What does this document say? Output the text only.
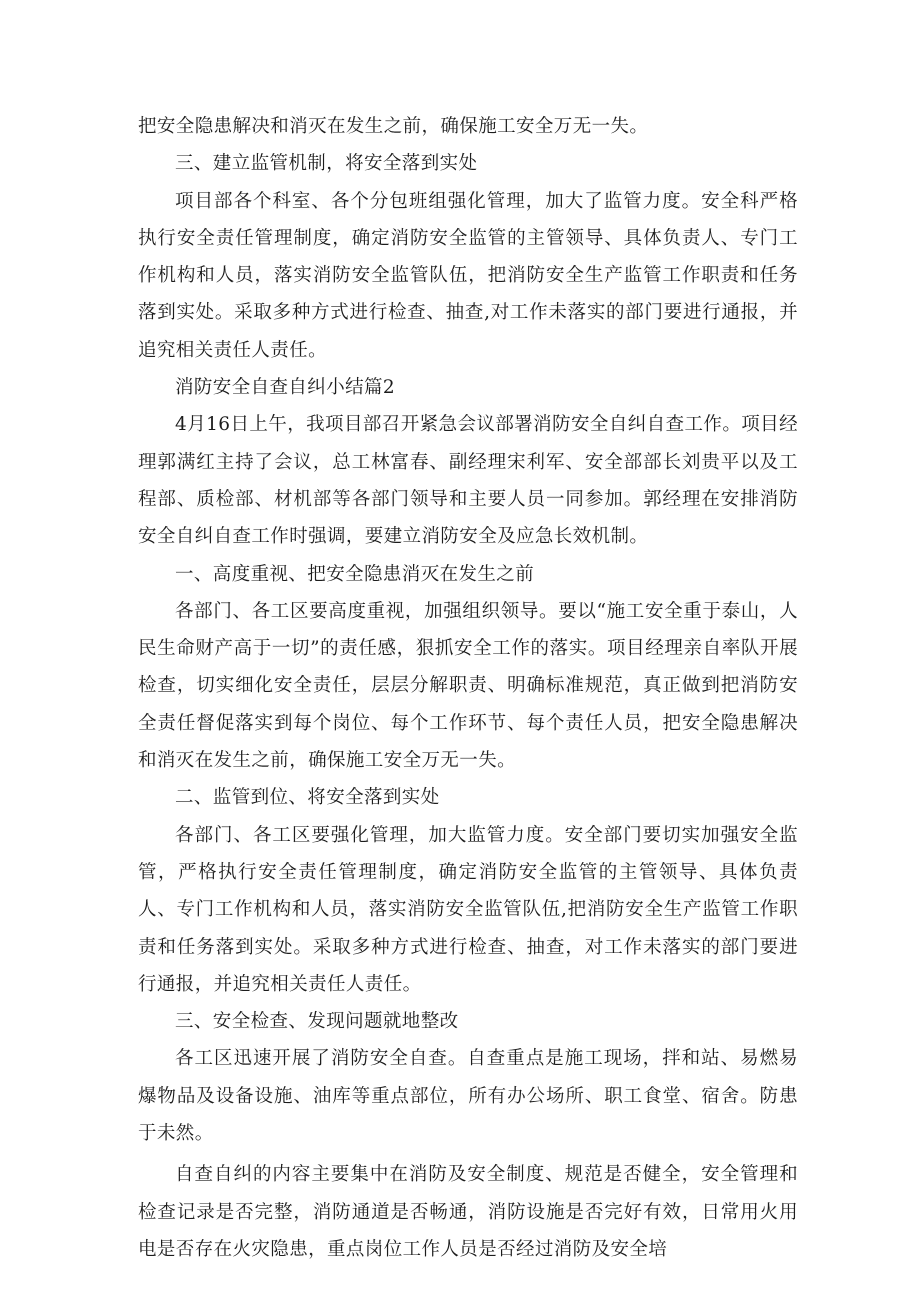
把安全隐患解决和消灭在发生之前，确保施工安全万无一失。

三、建立监管机制，将安全落到实处

项目部各个科室、各个分包班组强化管理，加大了监管力度。安全科严格执行安全责任管理制度，确定消防安全监管的主管领导、具体负责人、专门工作机构和人员，落实消防安全监管队伍，把消防安全生产监管工作职责和任务落到实处。采取多种方式进行检查、抽查,对工作未落实的部门要进行通报，并追究相关责任人责任。

消防安全自查自纠小结篇2

4月16日上午，我项目部召开紧急会议部署消防安全自纠自查工作。项目经理郭满红主持了会议，总工林富春、副经理宋利军、安全部部长刘贵平以及工程部、质检部、材机部等各部门领导和主要人员一同参加。郭经理在安排消防安全自纠自查工作时强调，要建立消防安全及应急长效机制。

一、高度重视、把安全隐患消灭在发生之前

各部门、各工区要高度重视，加强组织领导。要以“施工安全重于泰山，人民生命财产高于一切”的责任感，狠抓安全工作的落实。项目经理亲自率队开展检查，切实细化安全责任，层层分解职责、明确标准规范，真正做到把消防安全责任督促落实到每个岗位、每个工作环节、每个责任人员，把安全隐患解决和消灭在发生之前，确保施工安全万无一失。

二、监管到位、将安全落到实处

各部门、各工区要强化管理，加大监管力度。安全部门要切实加强安全监管，严格执行安全责任管理制度，确定消防安全监管的主管领导、具体负责人、专门工作机构和人员，落实消防安全监管队伍,把消防安全生产监管工作职责和任务落到实处。采取多种方式进行检查、抽查，对工作未落实的部门要进行通报，并追究相关责任人责任。

三、安全检查、发现问题就地整改

各工区迅速开展了消防安全自查。自查重点是施工现场，拌和站、易燃易爆物品及设备设施、油库等重点部位，所有办公场所、职工食堂、宿舍。防患于未然。

自查自纠的内容主要集中在消防及安全制度、规范是否健全，安全管理和检查记录是否完整，消防通道是否畅通，消防设施是否完好有效，日常用火用电是否存在火灾隐患，重点岗位工作人员是否经过消防及安全培
